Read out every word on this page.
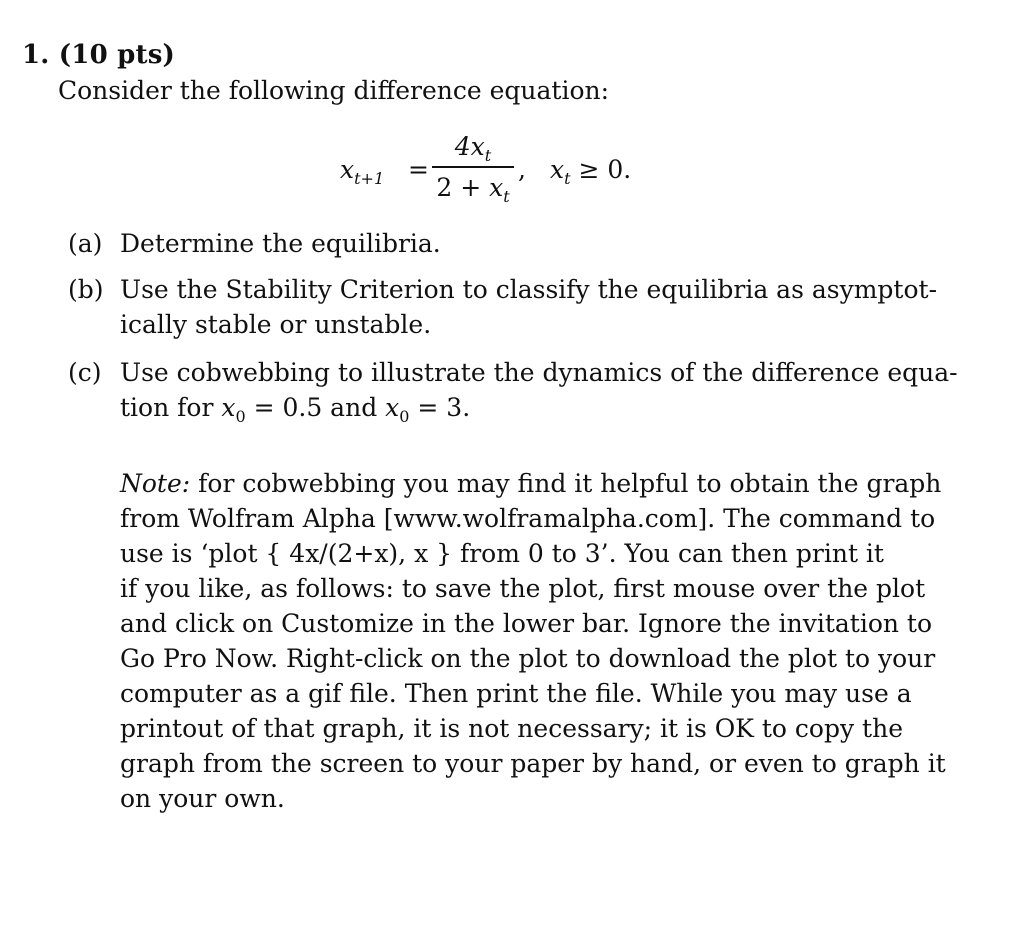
1. (10 pts)
Consider the following difference equation:
$x_{t+1}$ =
$4x_t$
$2 + x_t$
, $x_t \ge 0$.
(a) Determine the equilibria.
(b) Use the Stability Criterion to classify the equilibria as asymptot-
ically stable or unstable.
(c) Use cobwebbing to illustrate the dynamics of the difference equa-
tion for $x_0 = 0.5$ and $x_0 = 3$.
Note: for cobwebbing you may find it helpful to obtain the graph
from Wolfram Alpha [www.wolframalpha.com]. The command to
use is ‘plot { 4x/(2+x), x } from 0 to 3’. You can then print it
if you like, as follows: to save the plot, first mouse over the plot
and click on Customize in the lower bar. Ignore the invitation to
Go Pro Now. Right-click on the plot to download the plot to your
computer as a gif file. Then print the file. While you may use a
printout of that graph, it is not necessary; it is OK to copy the
graph from the screen to your paper by hand, or even to graph it
on your own.
